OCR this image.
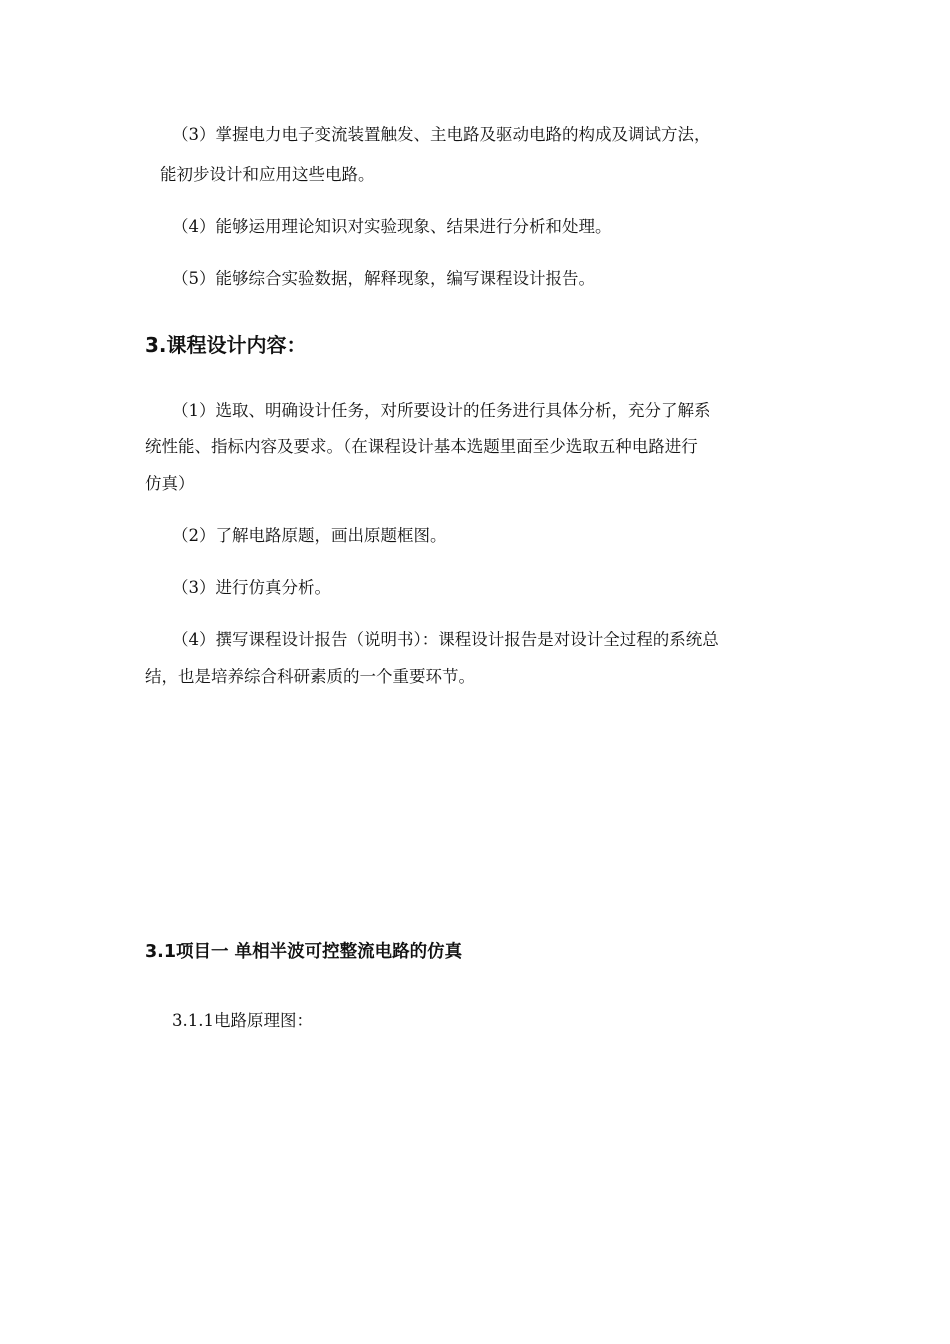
（3）掌握电力电子变流装置触发、主电路及驱动电路的构成及调试方法，

能初步设计和应用这些电路。

（4）能够运用理论知识对实验现象、结果进行分析和处理。

（5）能够综合实验数据，解释现象，编写课程设计报告。

3.课程设计内容：

（1）选取、明确设计任务，对所要设计的任务进行具体分析，充分了解系

统性能、指标内容及要求。（在课程设计基本选题里面至少选取五种电路进行

仿真）

（2）了解电路原题，画出原题框图。

（3）进行仿真分析。

（4）撰写课程设计报告（说明书）：课程设计报告是对设计全过程的系统总

结，也是培养综合科研素质的一个重要环节。

3.1项目一 单相半波可控整流电路的仿真

3.1.1电路原理图：
